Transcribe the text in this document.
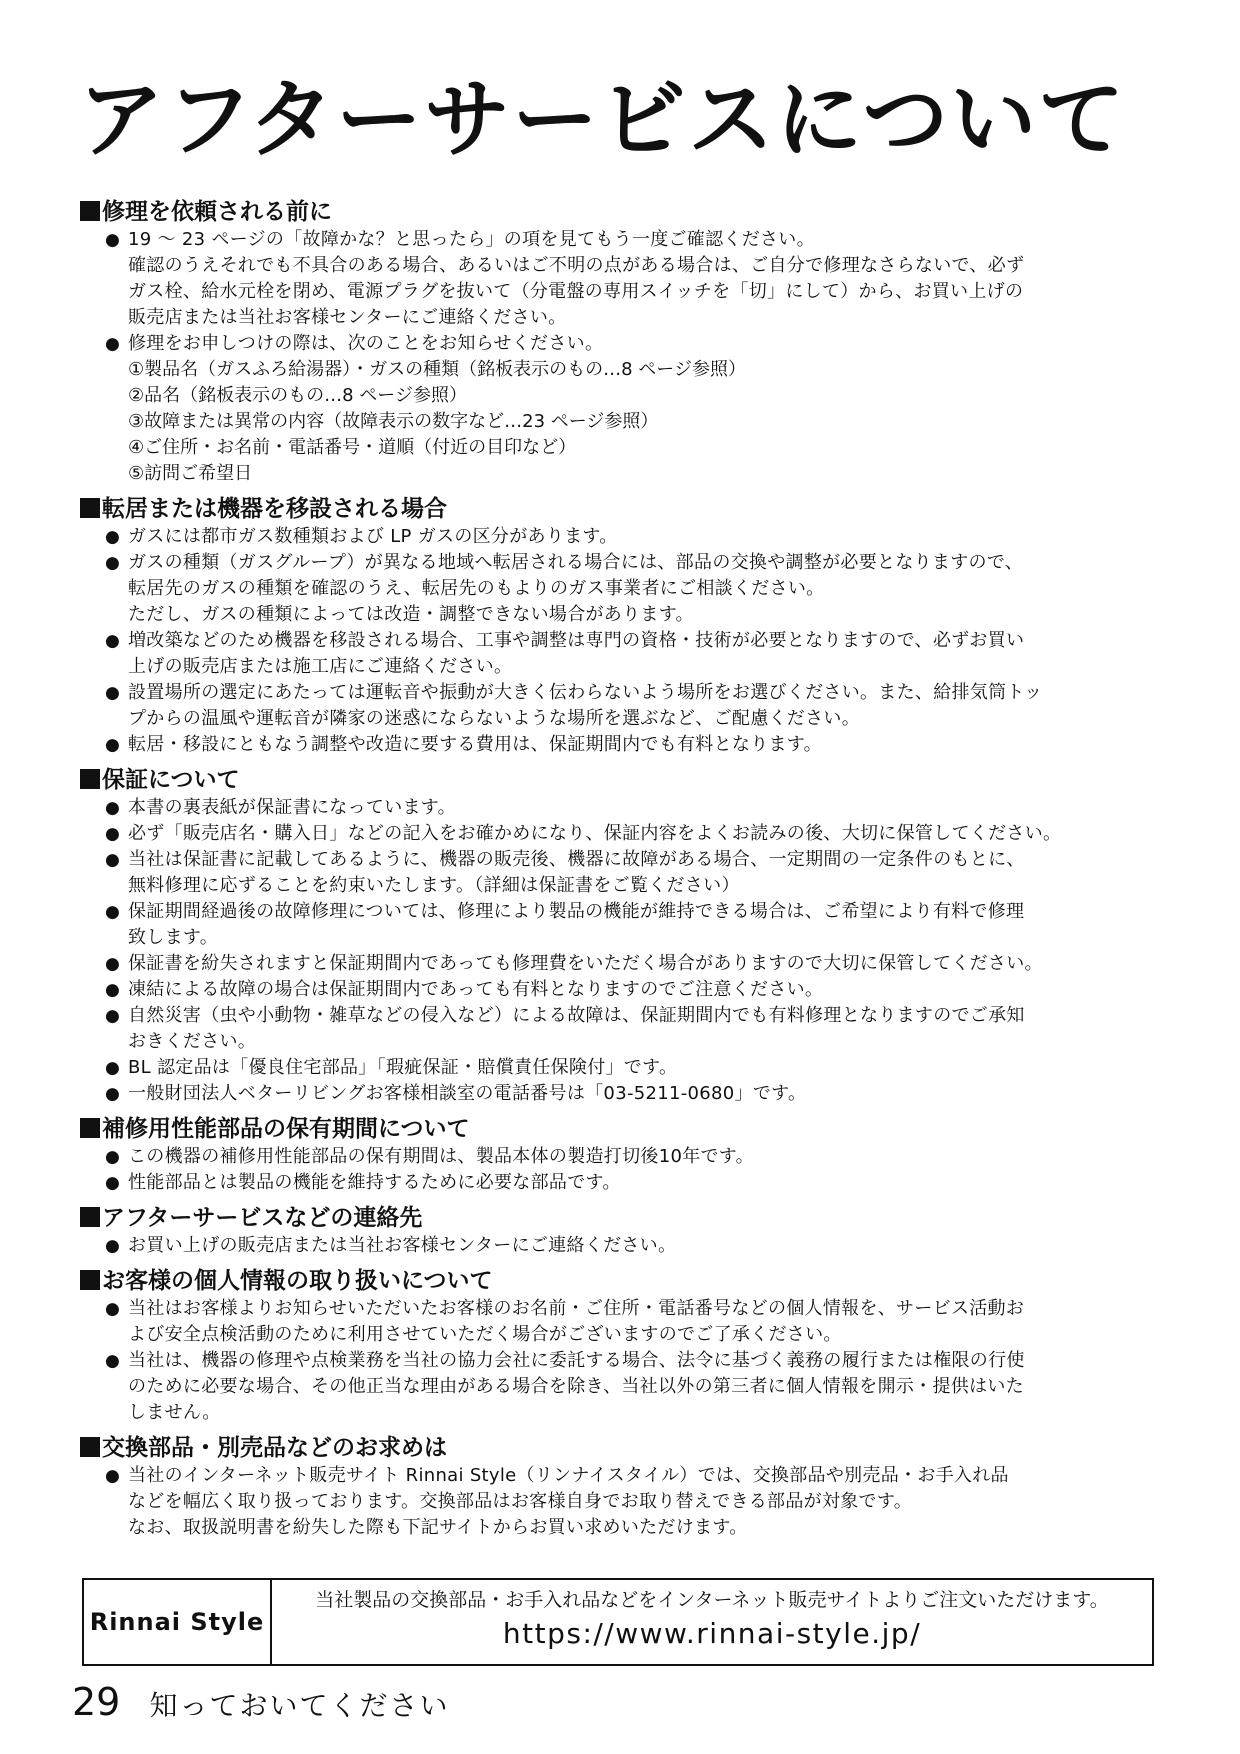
アフターサービスについて
修理を依頼される前に
● 19 ～ 23 ページの「故障かな？と思ったら」の項を見てもう一度ご確認ください。
確認のうえそれでも不具合のある場合、あるいはご不明の点がある場合は、ご自分で修理なさらないで、必ず
ガス栓、給水元栓を閉め、電源プラグを抜いて（分電盤の専用スイッチを「切」にして）から、お買い上げの
販売店または当社お客様センターにご連絡ください。
● 修理をお申しつけの際は、次のことをお知らせください。
①製品名（ガスふろ給湯器）・ガスの種類（銘板表示のもの…8 ページ参照）
②品名（銘板表示のもの…8 ページ参照）
③故障または異常の内容（故障表示の数字など…23 ページ参照）
④ご住所・お名前・電話番号・道順（付近の目印など）
⑤訪問ご希望日
転居または機器を移設される場合
● ガスには都市ガス数種類および LP ガスの区分があります。
● ガスの種類（ガスグループ）が異なる地域へ転居される場合には、部品の交換や調整が必要となりますので、
転居先のガスの種類を確認のうえ、転居先のもよりのガス事業者にご相談ください。
ただし、ガスの種類によっては改造・調整できない場合があります。
● 増改築などのため機器を移設される場合、工事や調整は専門の資格・技術が必要となりますので、必ずお買い
上げの販売店または施工店にご連絡ください。
● 設置場所の選定にあたっては運転音や振動が大きく伝わらないよう場所をお選びください。また、給排気筒トッ
プからの温風や運転音が隣家の迷惑にならないような場所を選ぶなど、ご配慮ください。
● 転居・移設にともなう調整や改造に要する費用は、保証期間内でも有料となります。
保証について
● 本書の裏表紙が保証書になっています。
● 必ず「販売店名・購入日」などの記入をお確かめになり、保証内容をよくお読みの後、大切に保管してください。
● 当社は保証書に記載してあるように、機器の販売後、機器に故障がある場合、一定期間の一定条件のもとに、
無料修理に応ずることを約束いたします。（詳細は保証書をご覧ください）
● 保証期間経過後の故障修理については、修理により製品の機能が維持できる場合は、ご希望により有料で修理
致します。
● 保証書を紛失されますと保証期間内であっても修理費をいただく場合がありますので大切に保管してください。
● 凍結による故障の場合は保証期間内であっても有料となりますのでご注意ください。
● 自然災害（虫や小動物・雑草などの侵入など）による故障は、保証期間内でも有料修理となりますのでご承知
おきください。
● BL 認定品は「優良住宅部品」「瑕疵保証・賠償責任保険付」です。
● 一般財団法人ベターリビングお客様相談室の電話番号は「03-5211-0680」です。
補修用性能部品の保有期間について
● この機器の補修用性能部品の保有期間は、製品本体の製造打切後10年です。
● 性能部品とは製品の機能を維持するために必要な部品です。
アフターサービスなどの連絡先
● お買い上げの販売店または当社お客様センターにご連絡ください。
お客様の個人情報の取り扱いについて
● 当社はお客様よりお知らせいただいたお客様のお名前・ご住所・電話番号などの個人情報を、サービス活動お
よび安全点検活動のために利用させていただく場合がございますのでご了承ください。
● 当社は、機器の修理や点検業務を当社の協力会社に委託する場合、法令に基づく義務の履行または権限の行使
のために必要な場合、その他正当な理由がある場合を除き、当社以外の第三者に個人情報を開示・提供はいた
しません。
交換部品・別売品などのお求めは
● 当社のインターネット販売サイト Rinnai Style（リンナイスタイル）では、交換部品や別売品・お手入れ品
などを幅広く取り扱っております。交換部品はお客様自身でお取り替えできる部品が対象です。
なお、取扱説明書を紛失した際も下記サイトからお買い求めいただけます。
Rinnai Style
当社製品の交換部品・お手入れ品などをインターネット販売サイトよりご注文いただけます。
https://www.rinnai-style.jp/
29 知っておいてください
